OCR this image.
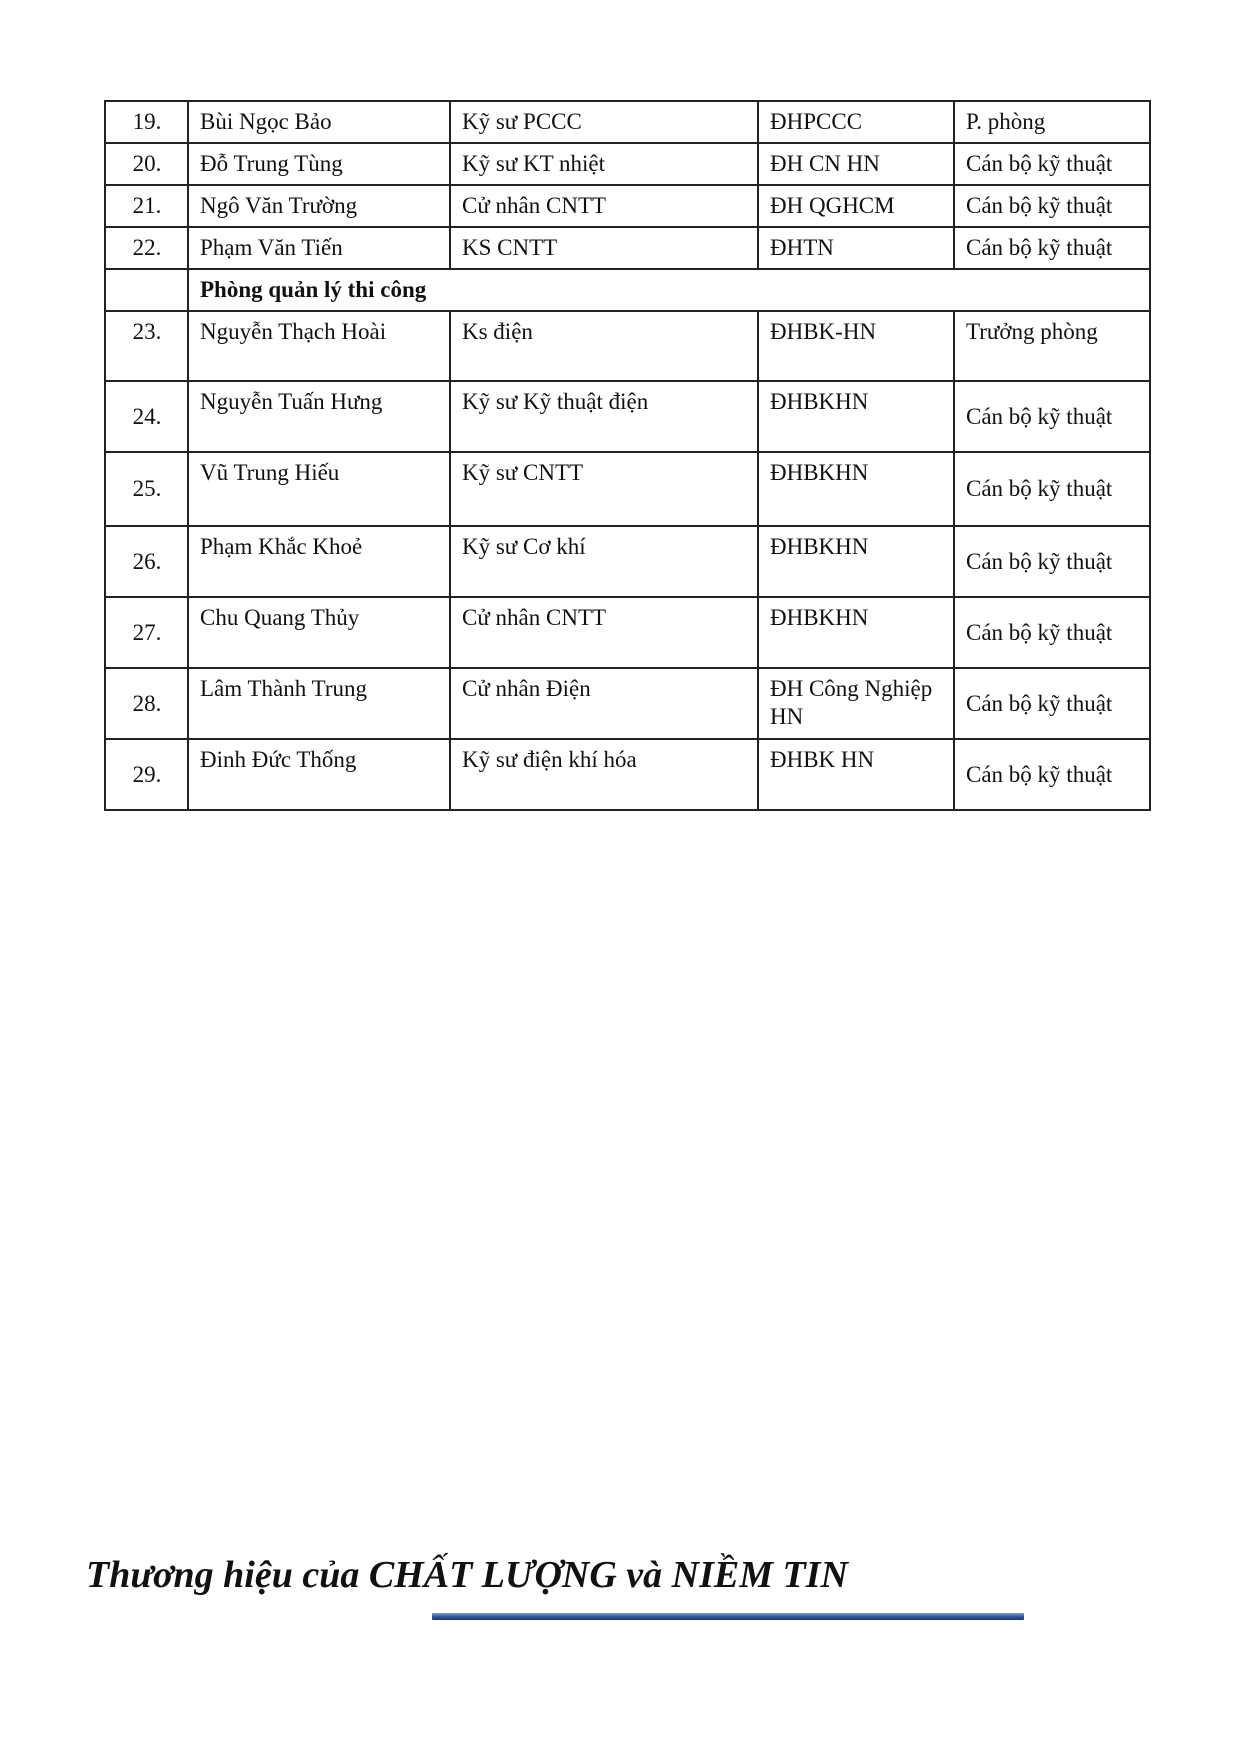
19.	Bùi Ngọc Bảo	Kỹ sư PCCC	ĐHPCCC	P. phòng
20.	Đỗ Trung Tùng	Kỹ sư KT nhiệt	ĐH CN HN	Cán bộ kỹ thuật
21.	Ngô Văn Trường	Cử nhân CNTT	ĐH QGHCM	Cán bộ kỹ thuật
22.	Phạm Văn Tiến	KS CNTT	ĐHTN	Cán bộ kỹ thuật
	Phòng quản lý thi công			
23.	Nguyễn Thạch Hoài	Ks điện	ĐHBK-HN	Trưởng phòng
24.	Nguyễn Tuấn Hưng	Kỹ sư Kỹ thuật điện	ĐHBKHN	Cán bộ kỹ thuật
25.	Vũ Trung Hiếu	Kỹ sư CNTT	ĐHBKHN	Cán bộ kỹ thuật
26.	Phạm Khắc Khoẻ	Kỹ sư Cơ khí	ĐHBKHN	Cán bộ kỹ thuật
27.	Chu Quang Thủy	Cử nhân CNTT	ĐHBKHN	Cán bộ kỹ thuật
28.	Lâm Thành Trung	Cử nhân Điện	ĐH Công Nghiệp HN	Cán bộ kỹ thuật
29.	Đinh Đức Thống	Kỹ sư điện khí hóa	ĐHBK HN	Cán bộ kỹ thuật
Thương hiệu của CHẤT LƯỢNG và NIỀM TIN
